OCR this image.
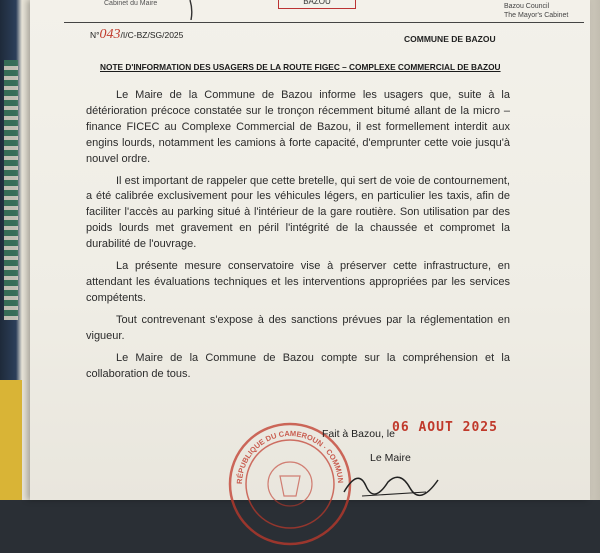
Cabinet du Maire	BAZOU
Bazou Council
The Mayor's Cabinet
N°043/I/C-BZ/SG/2025	COMMUNE DE BAZOU
NOTE D'INFORMATION DES USAGERS DE LA ROUTE FIGEC – COMPLEXE COMMERCIAL DE BAZOU

Le Maire de la Commune de Bazou informe les usagers que, suite à la détérioration précoce constatée sur le tronçon récemment bitumé allant de la micro – finance FICEC au Complexe Commercial de Bazou, il est formellement interdit aux engins lourds, notamment les camions à forte capacité, d'emprunter cette voie jusqu'à nouvel ordre.

Il est important de rappeler que cette bretelle, qui sert de voie de contournement, a été calibrée exclusivement pour les véhicules légers, en particulier les taxis, afin de faciliter l'accès au parking situé à l'intérieur de la gare routière. Son utilisation par des poids lourds met gravement en péril l'intégrité de la chaussée et compromet la durabilité de l'ouvrage.

La présente mesure conservatoire vise à préserver cette infrastructure, en attendant les évaluations techniques et les interventions appropriées par les services compétents.

Tout contrevenant s'expose à des sanctions prévues par la réglementation en vigueur.

Le Maire de la Commune de Bazou compte sur la compréhension et la collaboration de tous.

RÉPUBLIQUE DU CAMEROUN · COMMUN
Fait à Bazou, le
06 AOUT 2025
Le Maire
